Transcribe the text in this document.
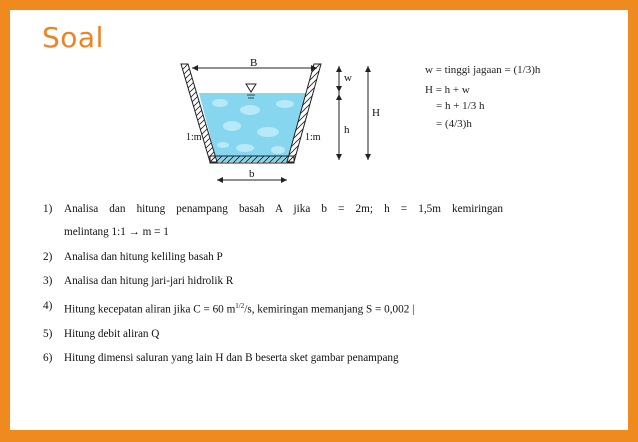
Soal
B
b
w
h
H
1:m	1:m
w = tinggi jagaan = (1/3)h
H = h + w
= h + 1/3 h
= (4/3)h
1) Analisa dan hitung penampang basah A jika b = 2m; h = 1,5m kemiringan
melintang 1:1 → m = 1
2) Analisa dan hitung keliling basah P
3) Analisa dan hitung jari-jari hidrolik R
4) Hitung kecepatan aliran jika C = 60 $m^{1/2}/s$, kemiringan memanjang S = 0,002 |
5) Hitung debit aliran Q
6) Hitung dimensi saluran yang lain H dan B beserta sket gambar penampang
